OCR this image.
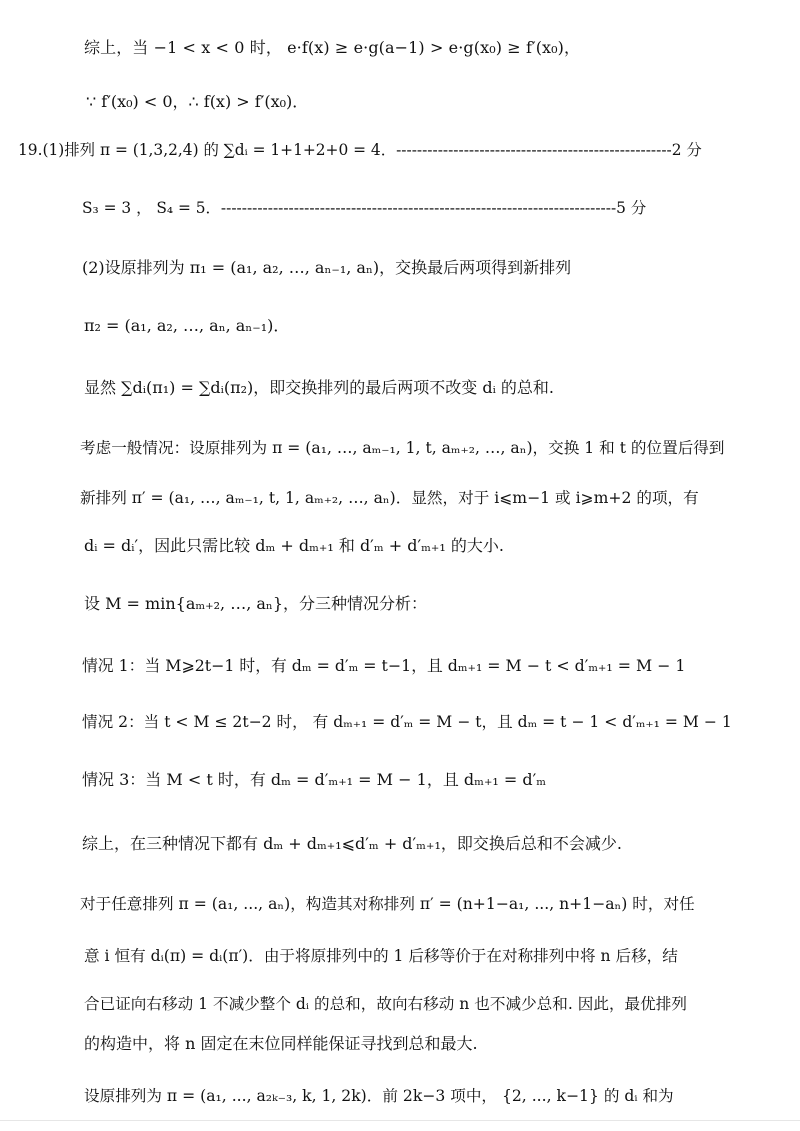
综上，当 −1 < x < 0 时， e·f(x) ≥ e·g(a−1) > e·g(x₀) ≥ f′(x₀)，
∵ f′(x₀) < 0，∴ f(x) > f′(x₀)．
19.(1)排列 π = (1,3,2,4) 的 ∑dᵢ = 1+1+2+0 = 4．-----------------------------------------------------2 分
S₃ = 3 ， S₄ = 5．----------------------------------------------------------------------------5 分
(2)设原排列为 π₁ = (a₁, a₂, …, aₙ₋₁, aₙ)，交换最后两项得到新排列
π₂ = (a₁, a₂, …, aₙ, aₙ₋₁)．
显然 ∑dᵢ(π₁) = ∑dᵢ(π₂)，即交换排列的最后两项不改变 dᵢ 的总和.
考虑一般情况：设原排列为 π = (a₁, …, aₘ₋₁, 1, t, aₘ₊₂, …, aₙ)，交换 1 和 t 的位置后得到
新排列 π′ = (a₁, …, aₘ₋₁, t, 1, aₘ₊₂, …, aₙ)．显然，对于 i⩽m−1 或 i⩾m+2 的项，有
dᵢ = dᵢ′，因此只需比较 dₘ + dₘ₊₁ 和 d′ₘ + d′ₘ₊₁ 的大小.
设 M = min{aₘ₊₂, …, aₙ}，分三种情况分析：
情况 1：当 M⩾2t−1 时，有 dₘ = d′ₘ = t−1，且 dₘ₊₁ = M − t < d′ₘ₊₁ = M − 1
情况 2：当 t < M ≤ 2t−2 时， 有 dₘ₊₁ = d′ₘ = M − t，且 dₘ = t − 1 < d′ₘ₊₁ = M − 1
情况 3：当 M < t 时，有 dₘ = d′ₘ₊₁ = M − 1，且 dₘ₊₁ = d′ₘ
综上，在三种情况下都有 dₘ + dₘ₊₁⩽d′ₘ + d′ₘ₊₁，即交换后总和不会减少.
对于任意排列 π = (a₁, ..., aₙ)，构造其对称排列 π′ = (n+1−a₁, ..., n+1−aₙ) 时，对任
意 i 恒有 dᵢ(π) = dᵢ(π′)．由于将原排列中的 1 后移等价于在对称排列中将 n 后移，结
合已证向右移动 1 不减少整个 dᵢ 的总和，故向右移动 n 也不减少总和. 因此，最优排列
的构造中，将 n 固定在末位同样能保证寻找到总和最大.
设原排列为 π = (a₁, ..., a₂ₖ₋₃, k, 1, 2k)．前 2k−3 项中， {2, ..., k−1} 的 dᵢ 和为
